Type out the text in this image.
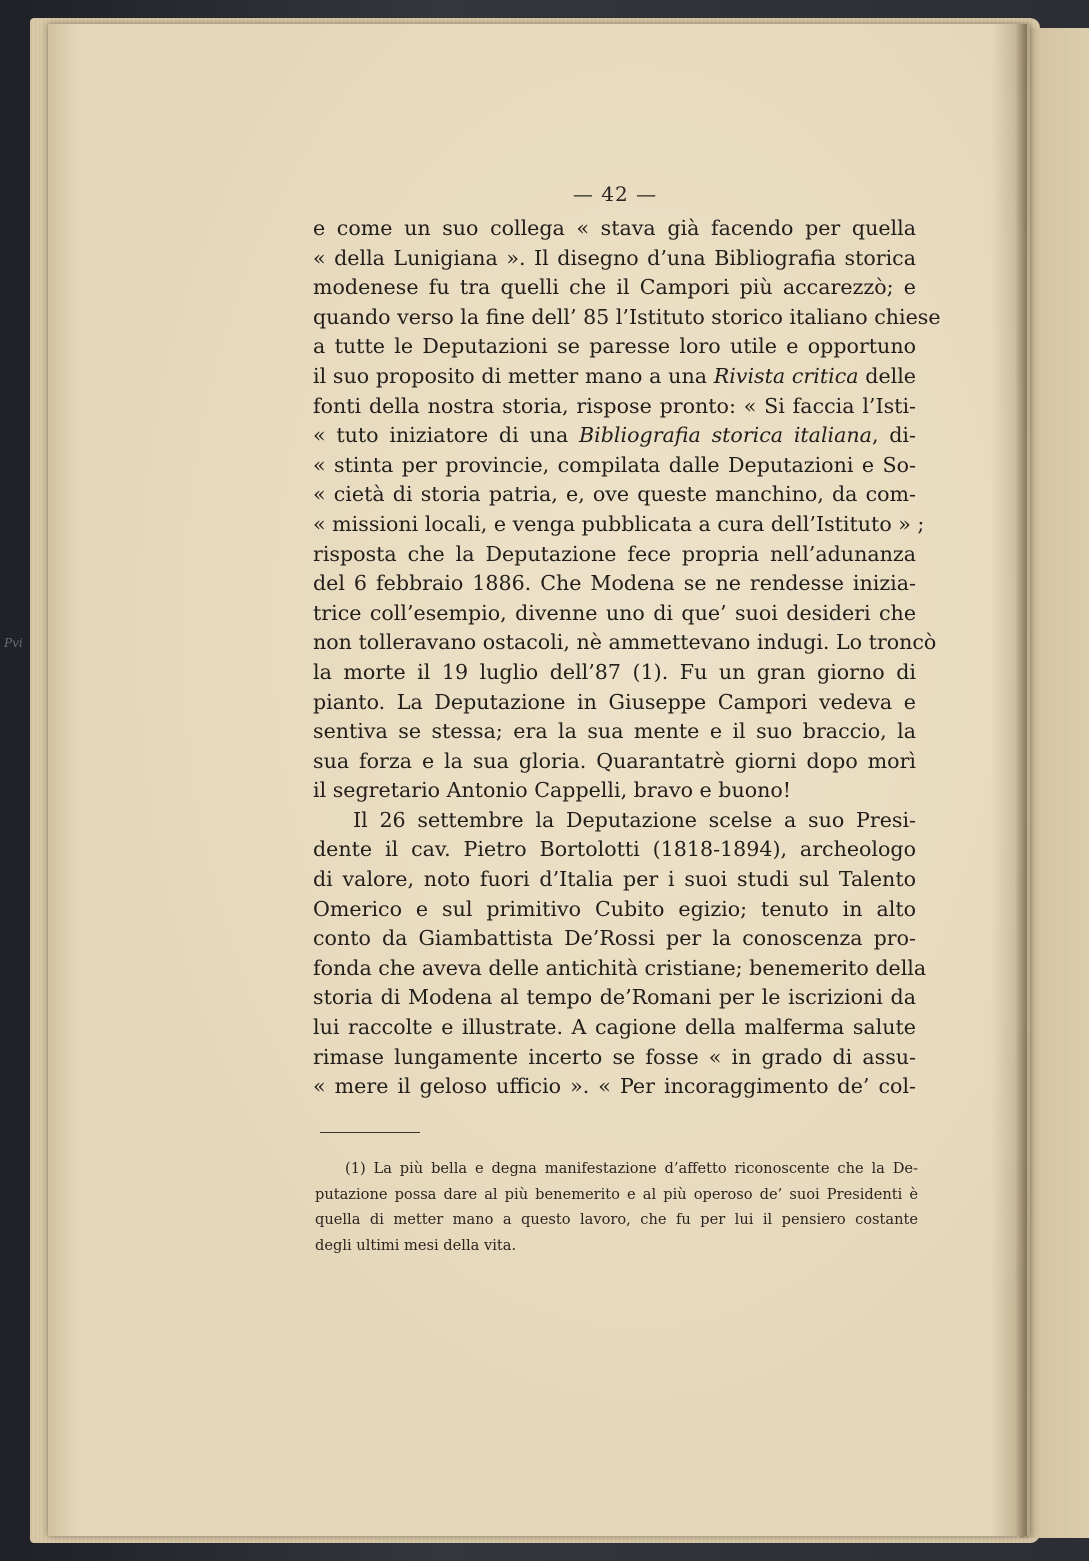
Pvi
— 42 —
e come un suo collega « stava già facendo per quella
« della Lunigiana ». Il disegno d’una Bibliografia storica
modenese fu tra quelli che il Campori più accarezzò; e
quando verso la fine dell’ 85 l’Istituto storico italiano chiese
a tutte le Deputazioni se paresse loro utile e opportuno
il suo proposito di metter mano a una Rivista critica delle
fonti della nostra storia, rispose pronto: « Si faccia l’Isti-
« tuto iniziatore di una Bibliografia storica italiana, di-
« stinta per provincie, compilata dalle Deputazioni e So-
« cietà di storia patria, e, ove queste manchino, da com-
« missioni locali, e venga pubblicata a cura dell’Istituto » ;
risposta che la Deputazione fece propria nell’adunanza
del 6 febbraio 1886. Che Modena se ne rendesse inizia-
trice coll’esempio, divenne uno di que’ suoi desideri che
non tolleravano ostacoli, nè ammettevano indugi. Lo troncò
la morte il 19 luglio dell’87 (1). Fu un gran giorno di
pianto. La Deputazione in Giuseppe Campori vedeva e
sentiva se stessa; era la sua mente e il suo braccio, la
sua forza e la sua gloria. Quarantatrè giorni dopo morì
il segretario Antonio Cappelli, bravo e buono!
Il 26 settembre la Deputazione scelse a suo Presi-
dente il cav. Pietro Bortolotti (1818-1894), archeologo
di valore, noto fuori d’Italia per i suoi studi sul Talento
Omerico e sul primitivo Cubito egizio; tenuto in alto
conto da Giambattista De’Rossi per la conoscenza pro-
fonda che aveva delle antichità cristiane; benemerito della
storia di Modena al tempo de’Romani per le iscrizioni da
lui raccolte e illustrate. A cagione della malferma salute
rimase lungamente incerto se fosse « in grado di assu-
« mere il geloso ufficio ». « Per incoraggimento de’ col-
(1) La più bella e degna manifestazione d’affetto riconoscente che la De-
putazione possa dare al più benemerito e al più operoso de’ suoi Presidenti è
quella di metter mano a questo lavoro, che fu per lui il pensiero costante
degli ultimi mesi della vita.
